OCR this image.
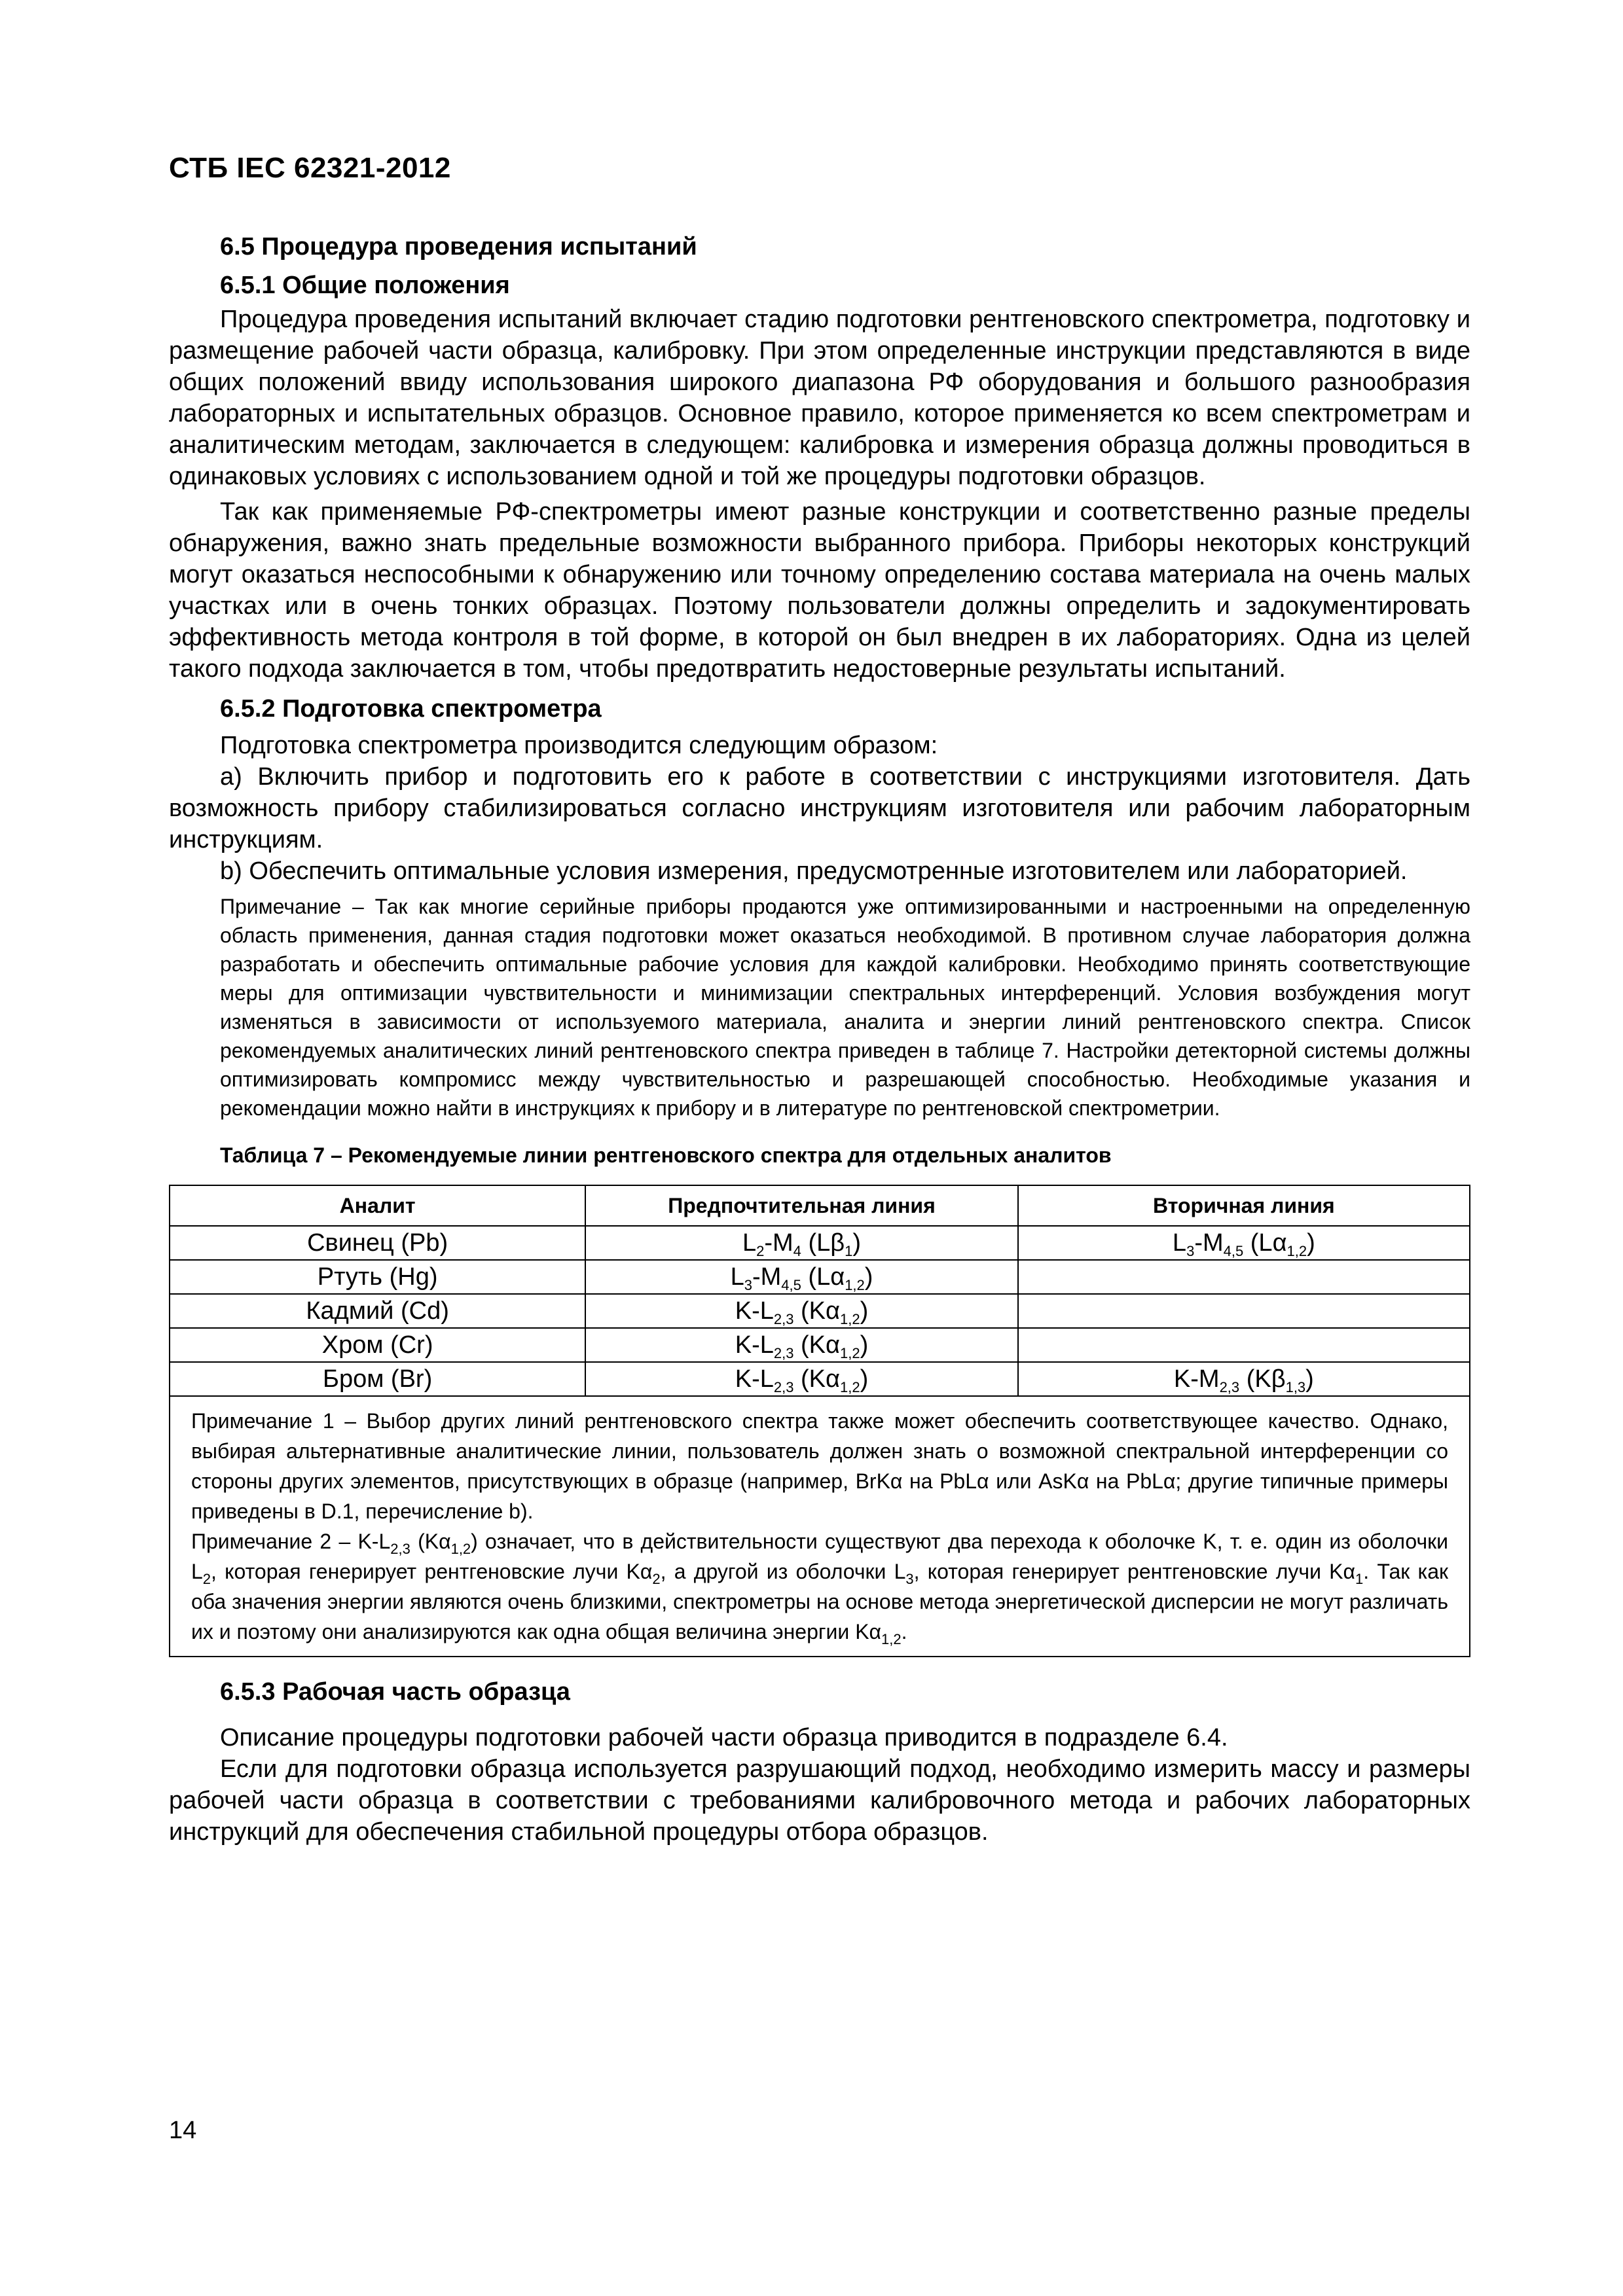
СТБ IEC 62321-2012

6.5 Процедура проведения испытаний

6.5.1 Общие положения

Процедура проведения испытаний включает стадию подготовки рентгеновского спектрометра, подготовку и размещение рабочей части образца, калибровку. При этом определенные инструкции представляются в виде общих положений ввиду использования широкого диапазона РФ оборудования и большого разнообразия лабораторных и испытательных образцов. Основное правило, которое применяется ко всем спектрометрам и аналитическим методам, заключается в следующем: калибровка и измерения образца должны проводиться в одинаковых условиях с использованием одной и той же процедуры подготовки образцов.

Так как применяемые РФ-спектрометры имеют разные конструкции и соответственно разные пределы обнаружения, важно знать предельные возможности выбранного прибора. Приборы некоторых конструкций могут оказаться неспособными к обнаружению или точному определению состава материала на очень малых участках или в очень тонких образцах. Поэтому пользователи должны определить и задокументировать эффективность метода контроля в той форме, в которой он был внедрен в их лабораториях. Одна из целей такого подхода заключается в том, чтобы предотвратить недостоверные результаты испытаний.

6.5.2 Подготовка спектрометра

Подготовка спектрометра производится следующим образом:

a) Включить прибор и подготовить его к работе в соответствии с инструкциями изготовителя. Дать возможность прибору стабилизироваться согласно инструкциям изготовителя или рабочим лабораторным инструкциям.

b) Обеспечить оптимальные условия измерения, предусмотренные изготовителем или лабораторией.

Примечание – Так как многие серийные приборы продаются уже оптимизированными и настроенными на определенную область применения, данная стадия подготовки может оказаться необходимой. В противном случае лаборатория должна разработать и обеспечить оптимальные рабочие условия для каждой калибровки. Необходимо принять соответствующие меры для оптимизации чувствительности и минимизации спектральных интерференций. Условия возбуждения могут изменяться в зависимости от используемого материала, аналита и энергии линий рентгеновского спектра. Список рекомендуемых аналитических линий рентгеновского спектра приведен в таблице 7. Настройки детекторной системы должны оптимизировать компромисс между чувствительностью и разрешающей способностью. Необходимые указания и рекомендации можно найти в инструкциях к прибору и в литературе по рентгеновской спектрометрии.

Таблица 7 – Рекомендуемые линии рентгеновского спектра для отдельных аналитов

Аналит	Предпочтительная линия	Вторичная линия
Свинец (Pb)	$L_2-M_4$ $(L\beta_1)$	$L_3-M_{4,5}$ $(L\alpha_{1,2})$
Ртуть (Hg)	$L_3-M_{4,5}$ $(L\alpha_{1,2})$	
Кадмий (Cd)	$K-L_{2,3}$ $(K\alpha_{1,2})$	
Хром (Cr)	$K-L_{2,3}$ $(K\alpha_{1,2})$	
Бром (Br)	$K-L_{2,3}$ $(K\alpha_{1,2})$	$K-M_{2,3}$ $(K\beta_{1,3})$

Примечание 1 – Выбор других линий рентгеновского спектра также может обеспечить соответствующее качество. Однако, выбирая альтернативные аналитические линии, пользователь должен знать о возможной спектральной интерференции со стороны других элементов, присутствующих в образце (например, BrKα на PbLα или AsKα на PbLα; другие типичные примеры приведены в D.1, перечисление b).
Примечание $2 - K-L_{2,3}$ $(K\alpha_{1,2})$ означает, что в действительности существуют два перехода к оболочке K, т. е. один из оболочки $L_2$, которая генерирует рентгеновские лучи $K\alpha_2$, а другой из оболочки $L_3$, которая генерирует рентгеновские лучи $K\alpha_1$. Так как оба значения энергии являются очень близкими, спектрометры на основе метода энергетической дисперсии не могут различать их и поэтому они анализируются как одна общая величина энергии $K\alpha_{1,2}$.		

6.5.3 Рабочая часть образца

Описание процедуры подготовки рабочей части образца приводится в подразделе 6.4.

Если для подготовки образца используется разрушающий подход, необходимо измерить массу и размеры рабочей части образца в соответствии с требованиями калибровочного метода и рабочих лабораторных инструкций для обеспечения стабильной процедуры отбора образцов.

14
